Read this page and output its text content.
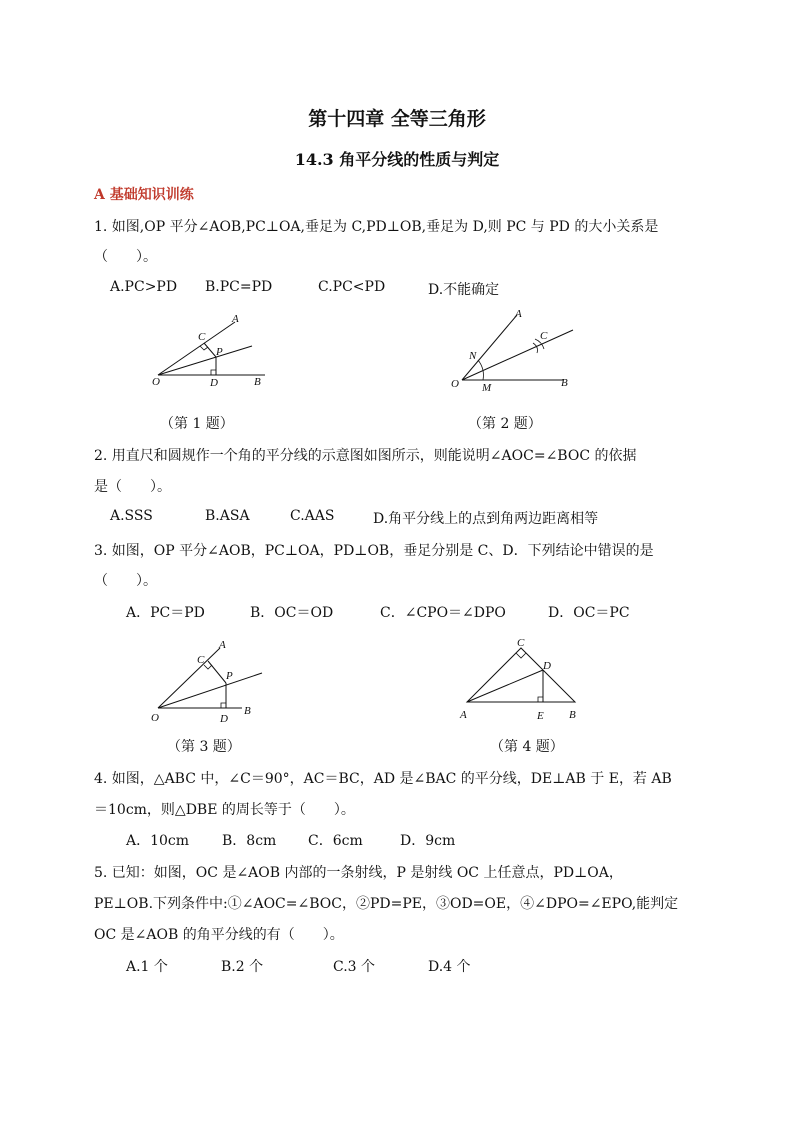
第十四章 全等三角形
14.3 角平分线的性质与判定
A 基础知识训练
1. 如图,OP 平分∠AOB,PC⊥OA,垂足为 C,PD⊥OB,垂足为 D,则 PC 与 PD 的大小关系是
（　　）。
A.PC>PD B.PC=PD	C.PC<PD	D.不能确定
A
C
P
O	D	B
（第 1 题）
A
C
N
O M	B
（第 2 题）
2. 用直尺和圆规作一个角的平分线的示意图如图所示，则能说明∠AOC=∠BOC 的依据
是（　　）。
A.SSS	B.ASA	C.AAS	D.角平分线上的点到角两边距离相等
3. 如图，OP 平分∠AOB，PC⊥OA，PD⊥OB，垂足分别是 C、D．下列结论中错误的是
（　　）。
A．PC＝PD	B．OC＝OD	C．∠CPO＝∠DPO	D．OC＝PC
A
C
P
O	D
B
（第 3 题）
C
D
A	E B
（第 4 题）
4. 如图，△ABC 中，∠C＝90°，AC＝BC，AD 是∠BAC 的平分线，DE⊥AB 于 E，若 AB
＝10cm，则△DBE 的周长等于（　　）。
A．10cm B．8cm C．6cm	D．9cm
5. 已知：如图，OC 是∠AOB 内部的一条射线，P 是射线 OC 上任意点，PD⊥OA，
PE⊥OB.下列条件中:①∠AOC=∠BOC，②PD=PE，③OD=OE，④∠DPO=∠EPO,能判定
OC 是∠AOB 的角平分线的有（　　）。
A.1 个	B.2 个	C.3 个	D.4 个
